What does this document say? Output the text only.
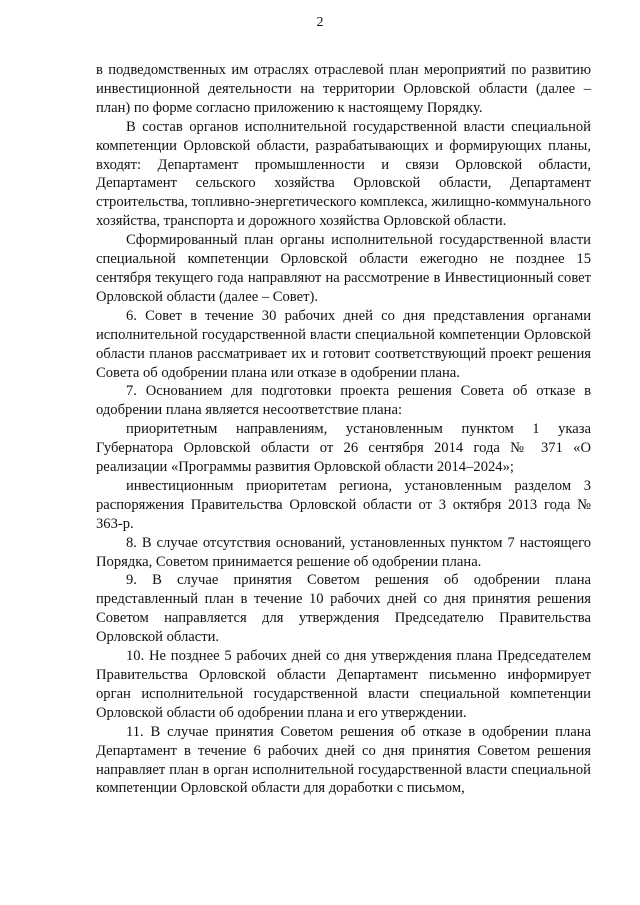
2

в подведомственных им отраслях отраслевой план мероприятий по развитию инвестиционной деятельности на территории Орловской области (далее – план) по форме согласно приложению к настоящему Порядку.

В состав органов исполнительной государственной власти специальной компетенции Орловской области, разрабатывающих и формирующих планы, входят: Департамент промышленности и связи Орловской области, Департамент сельского хозяйства Орловской области, Департамент строительства, топливно-энергетического комплекса, жилищно-коммунального хозяйства, транспорта и дорожного хозяйства Орловской области.

Сформированный план органы исполнительной государственной власти специальной компетенции Орловской области ежегодно не позднее 15 сентября текущего года направляют на рассмотрение в Инвестиционный совет Орловской области (далее – Совет).

6. Совет в течение 30 рабочих дней со дня представления органами исполнительной государственной власти специальной компетенции Орловской области планов рассматривает их и готовит соответствующий проект решения Совета об одобрении плана или отказе в одобрении плана.

7. Основанием для подготовки проекта решения Совета об отказе в одобрении плана является несоответствие плана:

приоритетным направлениям, установленным пунктом 1 указа Губернатора Орловской области от 26 сентября 2014 года № 371 «О реализации «Программы развития Орловской области 2014–2024»;

инвестиционным приоритетам региона, установленным разделом 3 распоряжения Правительства Орловской области от 3 октября 2013 года № 363-р.

8. В случае отсутствия оснований, установленных пунктом 7 настоящего Порядка, Советом принимается решение об одобрении плана.

9. В случае принятия Советом решения об одобрении плана представленный план в течение 10 рабочих дней со дня принятия решения Советом направляется для утверждения Председателю Правительства Орловской области.

10. Не позднее 5 рабочих дней со дня утверждения плана Председателем Правительства Орловской области Департамент письменно информирует орган исполнительной государственной власти специальной компетенции Орловской области об одобрении плана и его утверждении.

11. В случае принятия Советом решения об отказе в одобрении плана Департамент в течение 6 рабочих дней со дня принятия Советом решения направляет план в орган исполнительной государственной власти специальной компетенции Орловской области для доработки с письмом,
